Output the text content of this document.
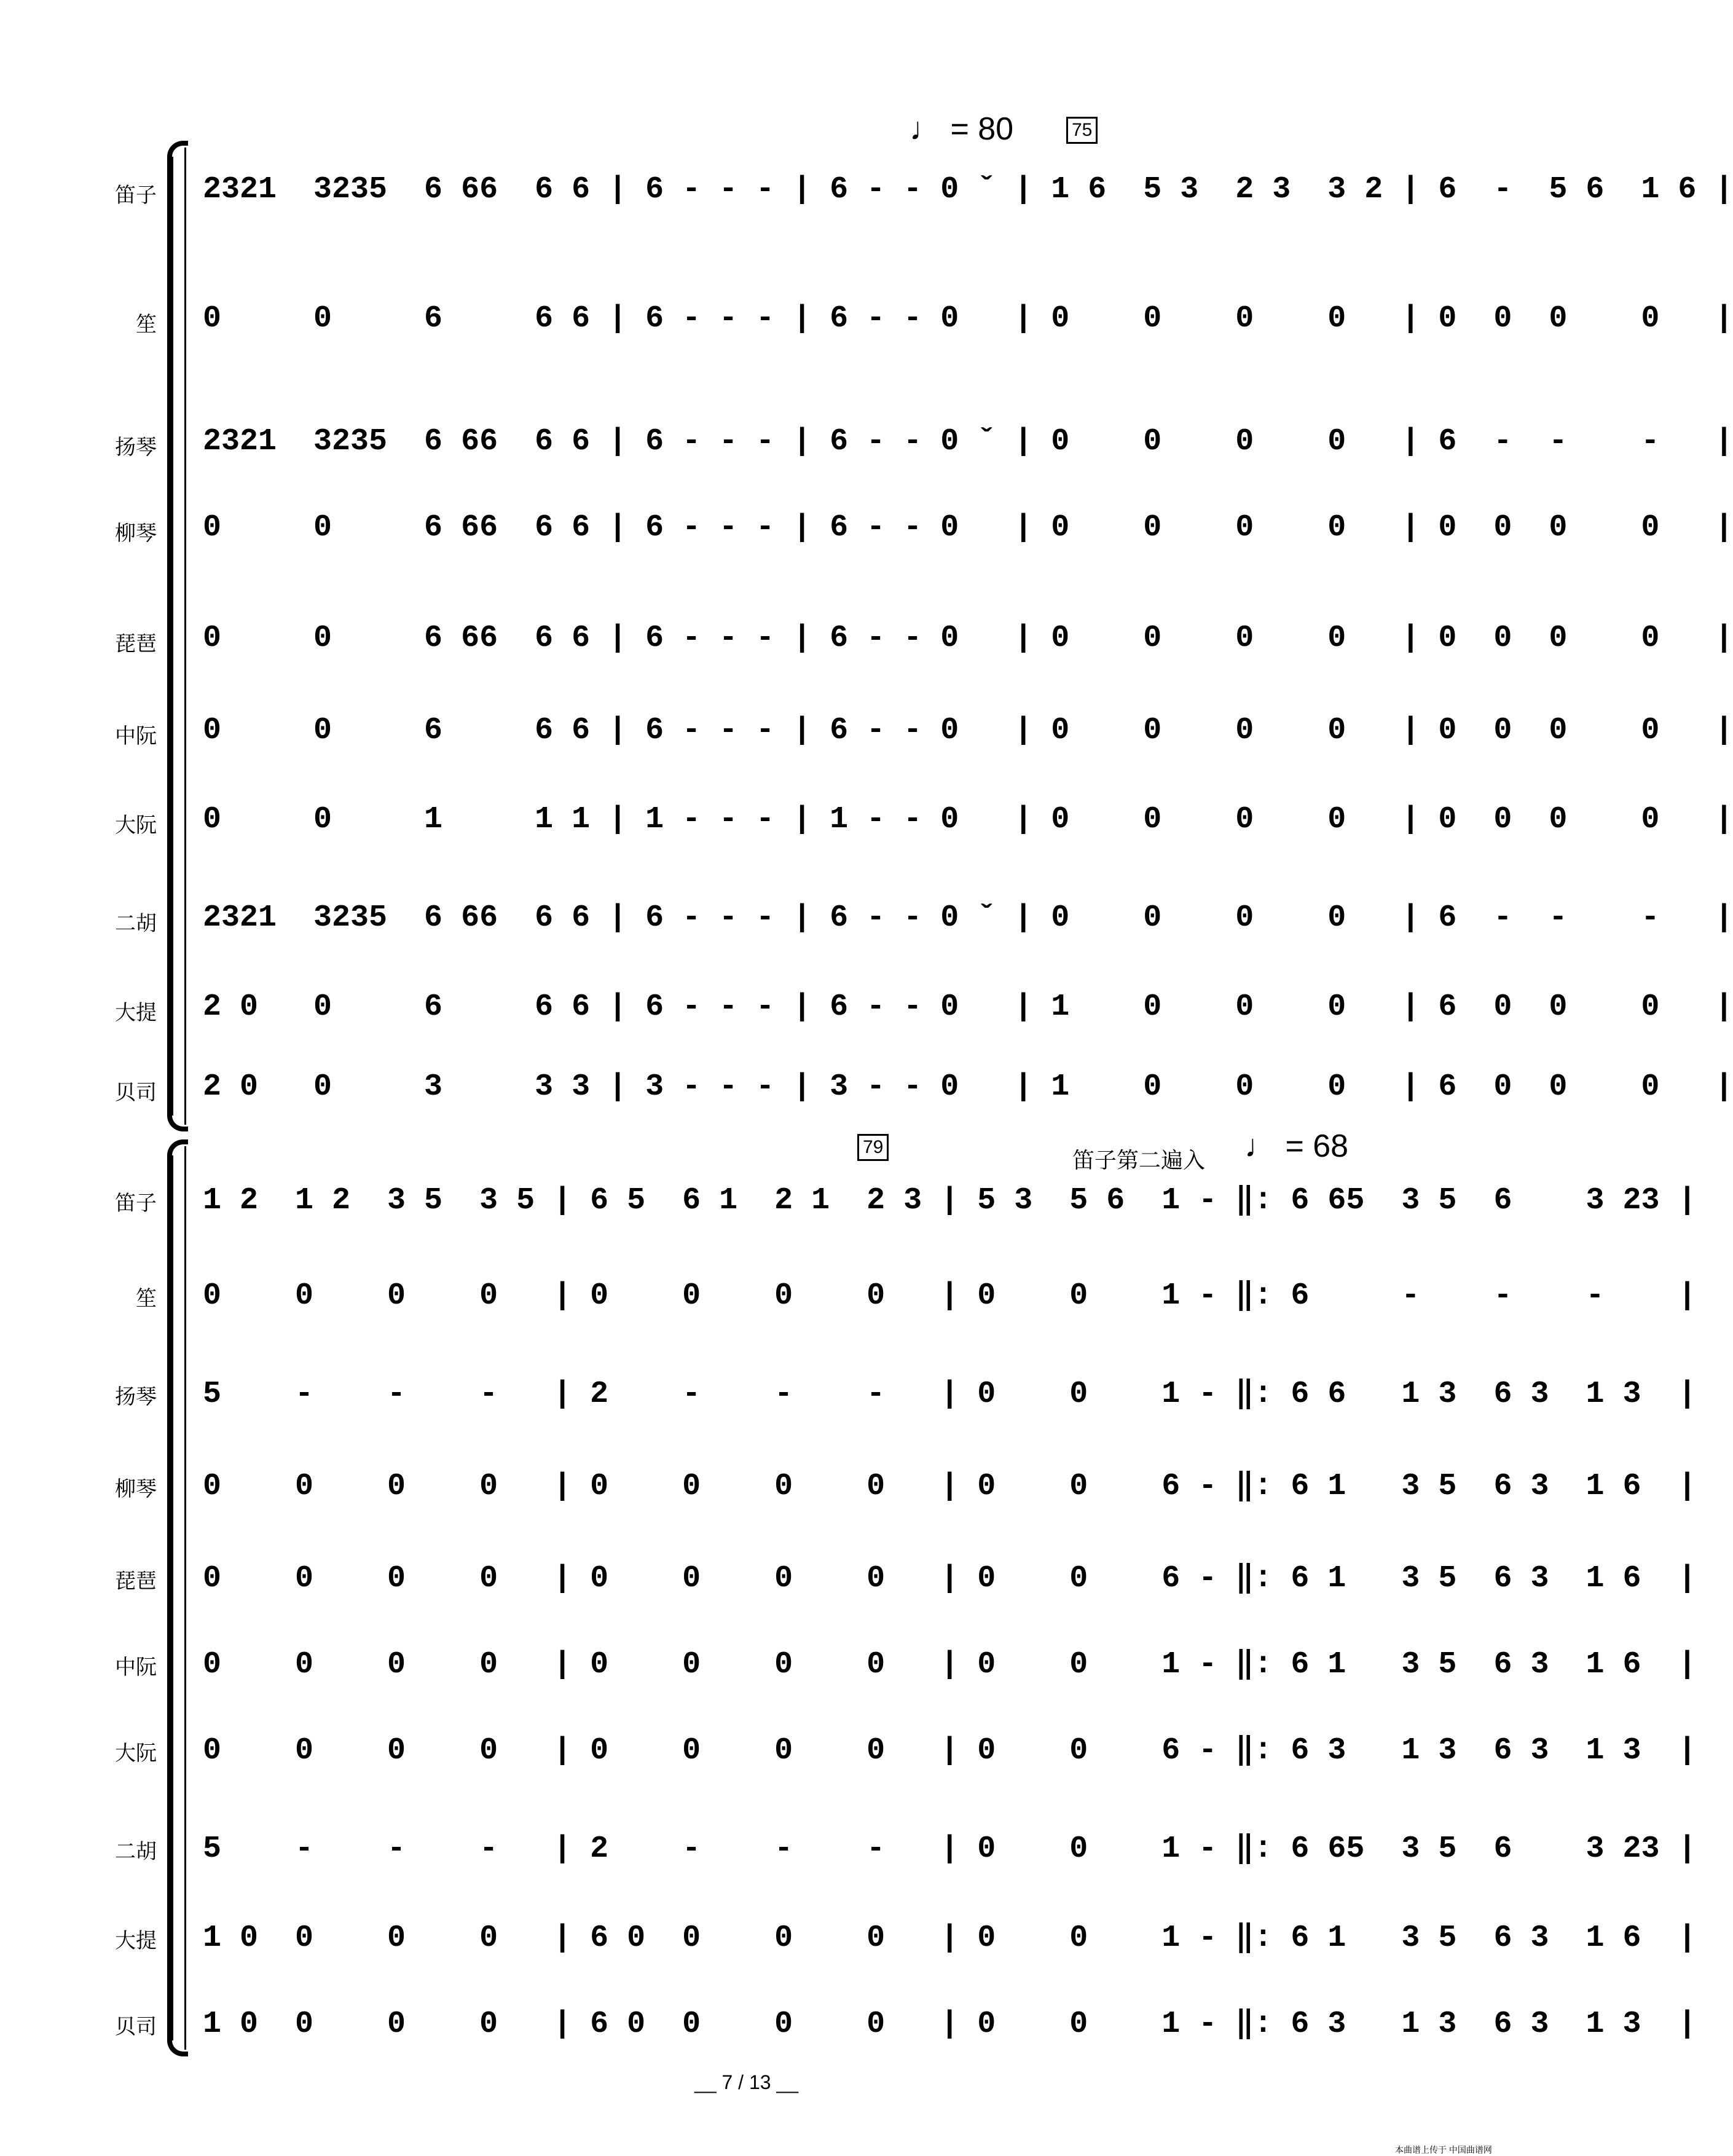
♩ = 80	75
笛子
笙
扬琴
柳琴
琵琶
中阮
大阮
二胡
大提
贝司
2321  3235  6 66  6 6 | 6 - - - | 6 - - 0 ˇ | 1 6  5 3  2 3  3 2 | 6  -  5 6  1 6 |
0     0     6     6 6 | 6 - - - | 6 - - 0   | 0    0    0    0   | 0  0  0    0   |
2321  3235  6 66  6 6 | 6 - - - | 6 - - 0 ˇ | 0    0    0    0   | 6  -  -    -   |
0     0     6 66  6 6 | 6 - - - | 6 - - 0   | 0    0    0    0   | 0  0  0    0   |
0     0     6 66  6 6 | 6 - - - | 6 - - 0   | 0    0    0    0   | 0  0  0    0   |
0     0     6     6 6 | 6 - - - | 6 - - 0   | 0    0    0    0   | 0  0  0    0   |
0     0     1     1 1 | 1 - - - | 1 - - 0   | 0    0    0    0   | 0  0  0    0   |
2321  3235  6 66  6 6 | 6 - - - | 6 - - 0 ˇ | 0    0    0    0   | 6  -  -    -   |
2 0   0     6     6 6 | 6 - - - | 6 - - 0   | 1    0    0    0   | 6  0  0    0   |
2 0   0     3     3 3 | 3 - - - | 3 - - 0   | 1    0    0    0   | 6  0  0    0   |
79
笛子第二遍入 ♩ = 68
笛子
笙
扬琴
柳琴
琵琶
中阮
大阮
二胡
大提
贝司
1 2  1 2  3 5  3 5 | 6 5  6 1  2 1  2 3 | 5 3  5 6  1 - ‖: 6 65  3 5  6    3 23 |
0    0    0    0   | 0    0    0    0   | 0    0    1 - ‖: 6     -    -    -    |
5    -    -    -   | 2    -    -    -   | 0    0    1 - ‖: 6 6   1 3  6 3  1 3  |
0    0    0    0   | 0    0    0    0   | 0    0    6 - ‖: 6 1   3 5  6 3  1 6  |
0    0    0    0   | 0    0    0    0   | 0    0    6 - ‖: 6 1   3 5  6 3  1 6  |
0    0    0    0   | 0    0    0    0   | 0    0    1 - ‖: 6 1   3 5  6 3  1 6  |
0    0    0    0   | 0    0    0    0   | 0    0    6 - ‖: 6 3   1 3  6 3  1 3  |
5    -    -    -   | 2    -    -    -   | 0    0    1 - ‖: 6 65  3 5  6    3 23 |
1 0  0    0    0   | 6 0  0    0    0   | 0    0    1 - ‖: 6 1   3 5  6 3  1 6  |
1 0  0    0    0   | 6 0  0    0    0   | 0    0    1 - ‖: 6 3   1 3  6 3  1 3  |
__ 7 / 13 __
本曲谱上传于 中国曲谱网
